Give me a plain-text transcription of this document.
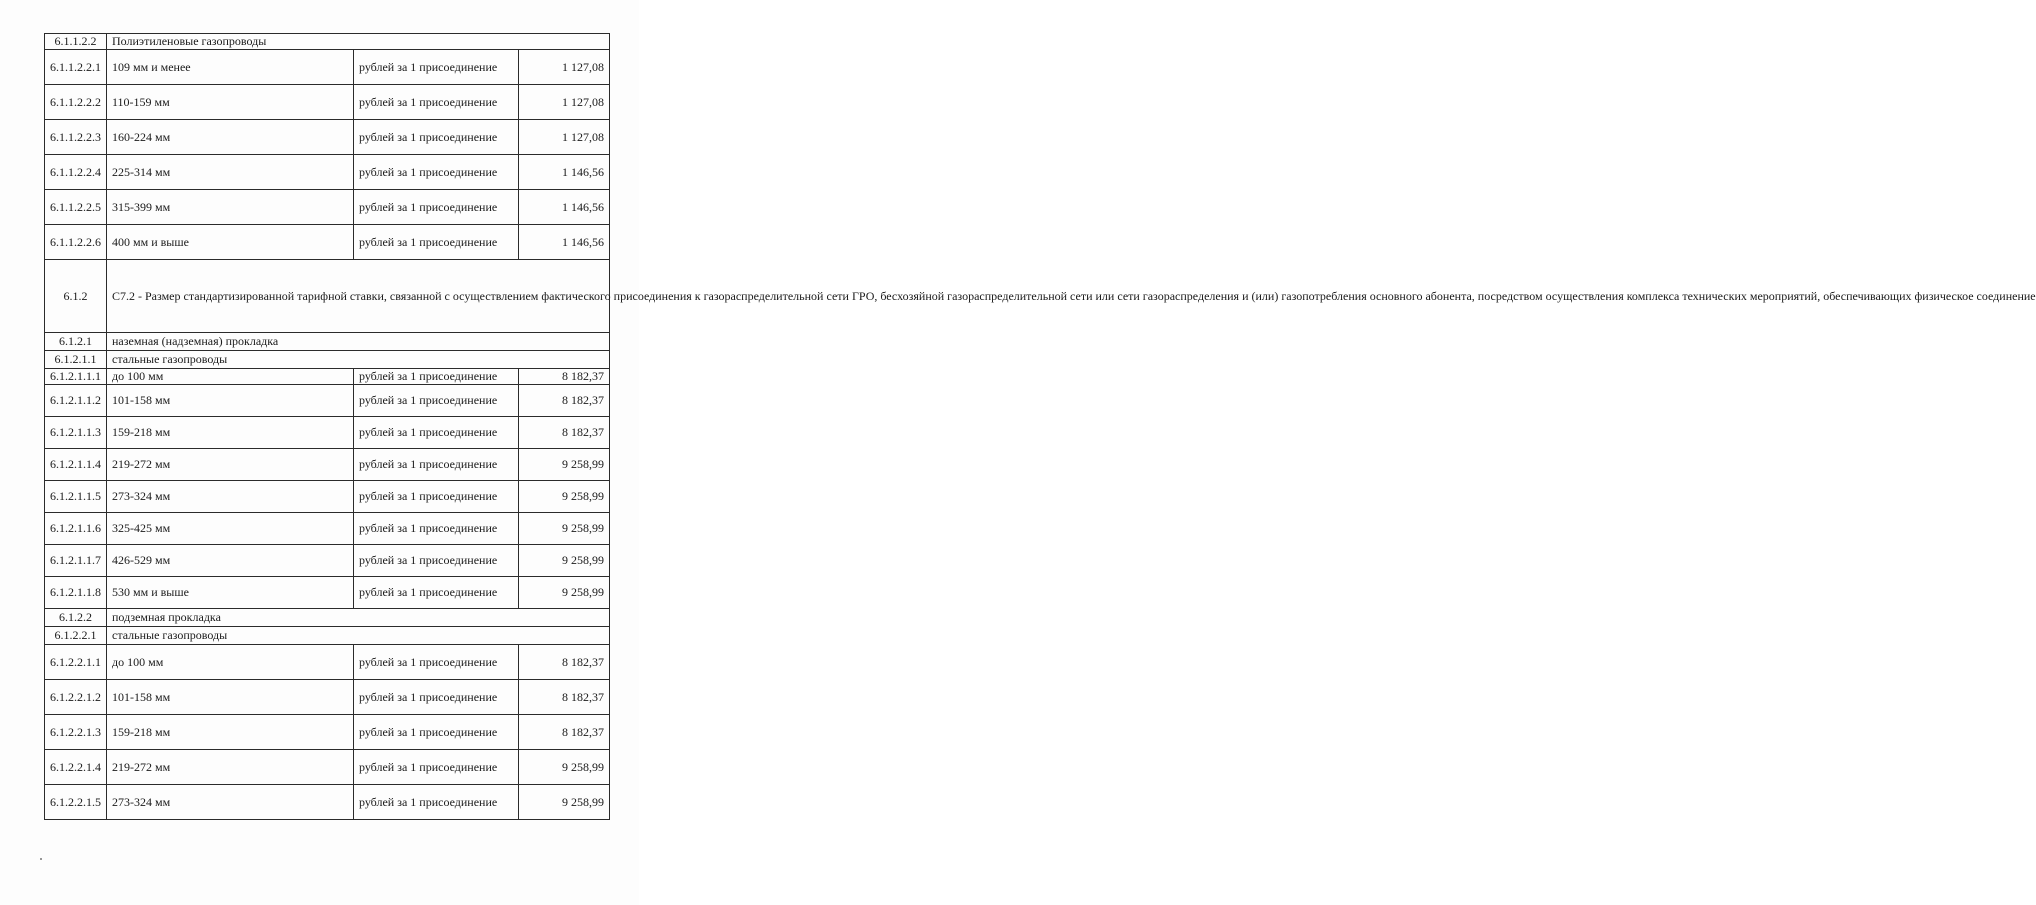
6.1.1.2.2	Полиэтиленовые газопроводы		
6.1.1.2.2.1	109 мм и менее	рублей за 1 присоединение	1 127,08
6.1.1.2.2.2	110-159 мм	рублей за 1 присоединение	1 127,08
6.1.1.2.2.3	160-224 мм	рублей за 1 присоединение	1 127,08
6.1.1.2.2.4	225-314 мм	рублей за 1 присоединение	1 146,56
6.1.1.2.2.5	315-399 мм	рублей за 1 присоединение	1 146,56
6.1.1.2.2.6	400 мм и выше	рублей за 1 присоединение	1 146,56
6.1.2	С7.2 - Размер стандартизированной тарифной ставки, связанной с осуществлением фактического присоединения к газораспределительной сети ГРО, бесхозяйной газораспределительной сети или сети газораспределения и (или) газопотребления основного абонента, посредством осуществления комплекса технических мероприятий, обеспечивающих физическое соединение		
6.1.2.1	наземная (надземная) прокладка		
6.1.2.1.1	стальные газопроводы		
6.1.2.1.1.1	до 100 мм	рублей за 1 присоединение	8 182,37
6.1.2.1.1.2	101-158 мм	рублей за 1 присоединение	8 182,37
6.1.2.1.1.3	159-218 мм	рублей за 1 присоединение	8 182,37
6.1.2.1.1.4	219-272 мм	рублей за 1 присоединение	9 258,99
6.1.2.1.1.5	273-324 мм	рублей за 1 присоединение	9 258,99
6.1.2.1.1.6	325-425 мм	рублей за 1 присоединение	9 258,99
6.1.2.1.1.7	426-529 мм	рублей за 1 присоединение	9 258,99
6.1.2.1.1.8	530 мм и выше	рублей за 1 присоединение	9 258,99
6.1.2.2	подземная прокладка		
6.1.2.2.1	стальные газопроводы		
6.1.2.2.1.1	до 100 мм	рублей за 1 присоединение	8 182,37
6.1.2.2.1.2	101-158 мм	рублей за 1 присоединение	8 182,37
6.1.2.2.1.3	159-218 мм	рублей за 1 присоединение	8 182,37
6.1.2.2.1.4	219-272 мм	рублей за 1 присоединение	9 258,99
6.1.2.2.1.5	273-324 мм	рублей за 1 присоединение	9 258,99
